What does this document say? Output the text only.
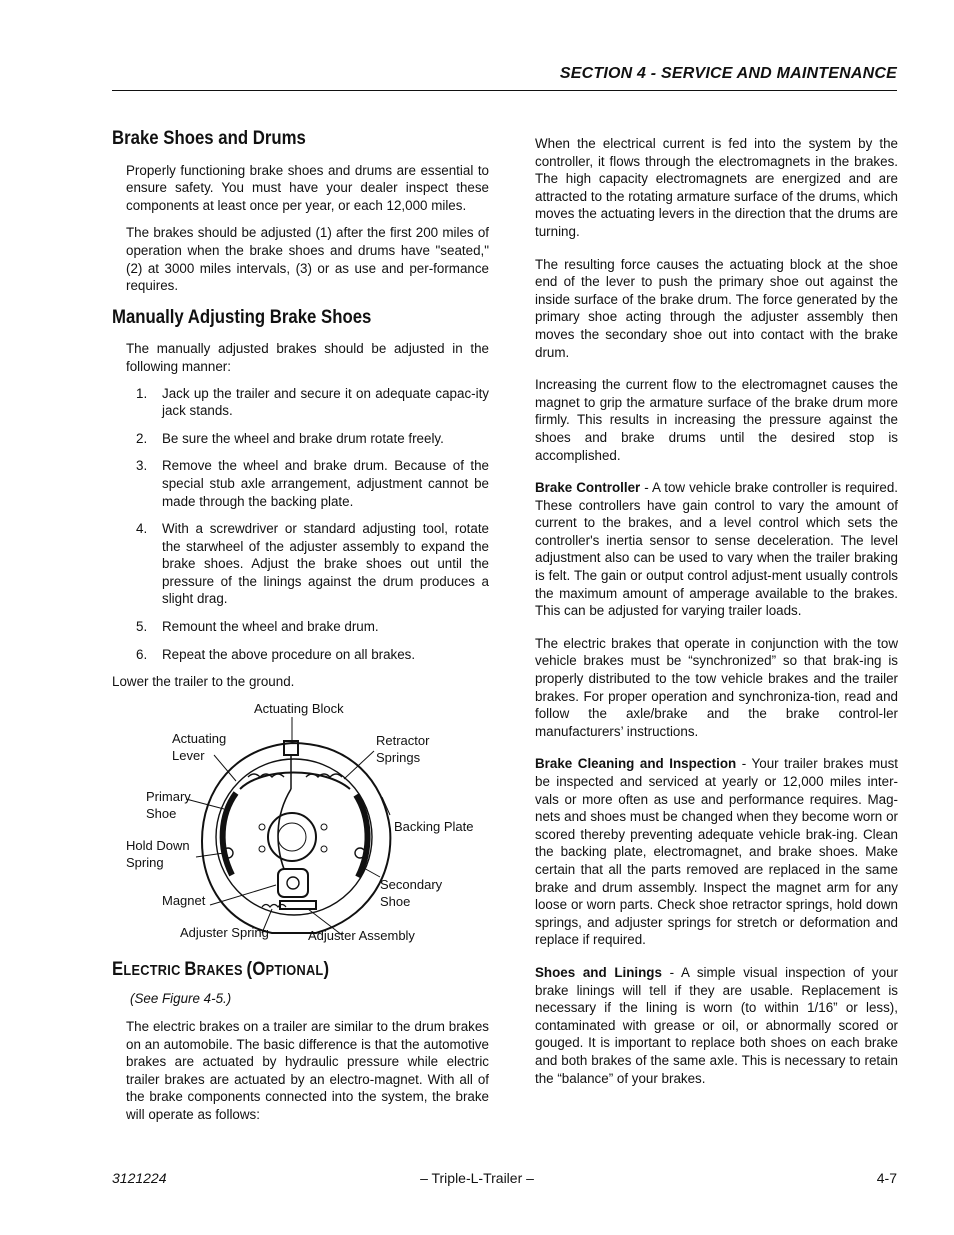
SECTION 4 - SERVICE AND MAINTENANCE
Brake Shoes and Drums

Properly functioning brake shoes and drums are essential to ensure safety. You must have your dealer inspect these components at least once per year, or each 12,000 miles.

The brakes should be adjusted (1) after the first 200 miles of operation when the brake shoes and drums have "seated," (2) at 3000 miles intervals, (3) or as use and per-formance requires.

Manually Adjusting Brake Shoes

The manually adjusted brakes should be adjusted in the following manner:

1. Jack up the trailer and secure it on adequate capac-ity jack stands.
2. Be sure the wheel and brake drum rotate freely.
3. Remove the wheel and brake drum. Because of the special stub axle arrangement, adjustment cannot be made through the backing plate.
4. With a screwdriver or standard adjusting tool, rotate the starwheel of the adjuster assembly to expand the brake shoes. Adjust the brake shoes out until the pressure of the linings against the drum produces a slight drag.
5. Remount the wheel and brake drum.
6. Repeat the above procedure on all brakes.

Lower the trailer to the ground.

Actuating Block
Actuating
Lever
Retractor
Springs
Primary
Shoe
Backing Plate
Hold Down
Spring
Secondary
Shoe
Magnet
Adjuster Spring	Adjuster Assembly
ELECTRIC BRAKES (OPTIONAL)

(See Figure 4-5.)

The electric brakes on a trailer are similar to the drum brakes on an automobile. The basic difference is that the automotive brakes are actuated by hydraulic pressure while electric trailer brakes are actuated by an electro-magnet. With all of the brake components connected into the system, the brake will operate as follows:

When the electrical current is fed into the system by the controller, it flows through the electromagnets in the brakes. The high capacity electromagnets are energized and are attracted to the rotating armature surface of the drums, which moves the actuating levers in the direction that the drums are turning.

The resulting force causes the actuating block at the shoe end of the lever to push the primary shoe out against the inside surface of the brake drum. The force generated by the primary shoe acting through the adjuster assembly then moves the secondary shoe out into contact with the brake drum.

Increasing the current flow to the electromagnet causes the magnet to grip the armature surface of the brake drum more firmly. This results in increasing the pressure against the shoes and brake drums until the desired stop is accomplished.

Brake Controller - A tow vehicle brake controller is required. These controllers have gain control to vary the amount of current to the brakes, and a level control which sets the controller's inertia sensor to sense deceleration. The level adjustment also can be used to vary when the trailer braking is felt. The gain or output control adjust-ment usually controls the maximum amount of amperage available to the brakes. This can be adjusted for varying trailer loads.

The electric brakes that operate in conjunction with the tow vehicle brakes must be “synchronized” so that brak-ing is properly distributed to the tow vehicle brakes and the trailer brakes. For proper operation and synchroniza-tion, read and follow the axle/brake and the brake control-ler manufacturers’ instructions.

Brake Cleaning and Inspection - Your trailer brakes must be inspected and serviced at yearly or 12,000 miles inter-vals or more often as use and performance requires. Mag-nets and shoes must be changed when they become worn or scored thereby preventing adequate vehicle brak-ing. Clean the backing plate, electromagnet, and brake shoes. Make certain that all the parts removed are replaced in the same brake and drum assembly. Inspect the magnet arm for any loose or worn parts. Check shoe retractor springs, hold down springs, and adjuster springs for stretch or deformation and replace if required.

Shoes and Linings - A simple visual inspection of your brake linings will tell if they are usable. Replacement is necessary if the lining is worn (to within 1/16” or less), contaminated with grease or oil, or abnormally scored or gouged. It is important to replace both shoes on each brake and both brakes of the same axle. This is necessary to retain the “balance” of your brakes.

3121224	– Triple-L-Trailer –	4-7
